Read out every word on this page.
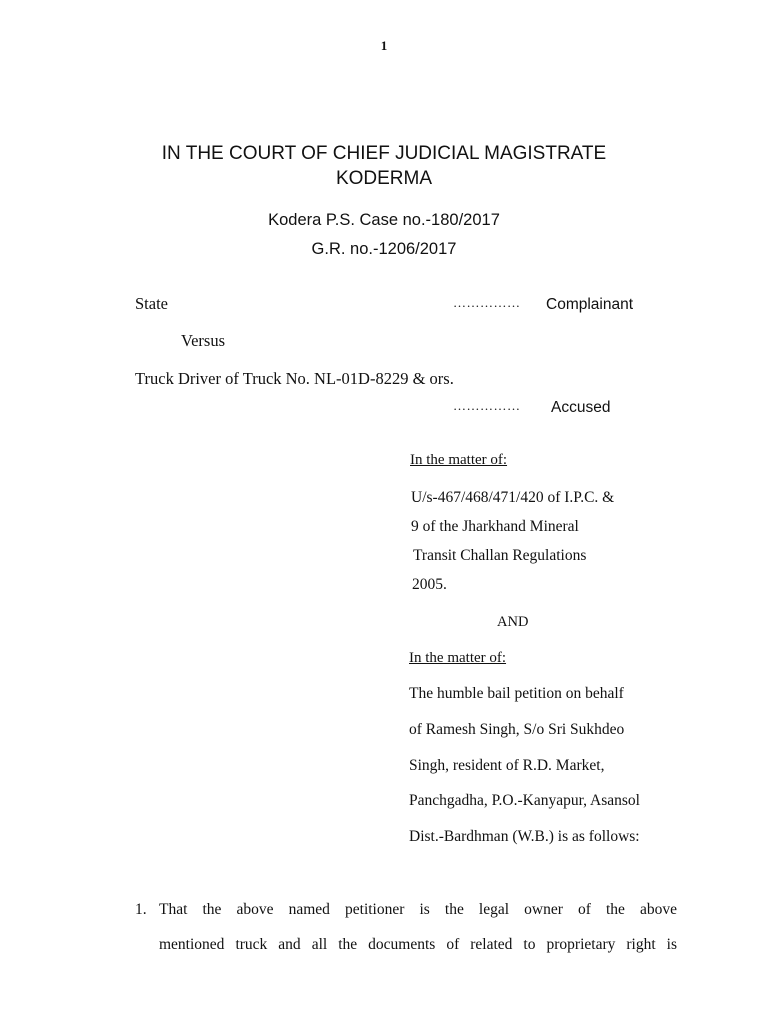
1
IN THE COURT OF CHIEF JUDICIAL MAGISTRATE
KODERMA
Kodera P.S. Case no.-180/2017
G.R. no.-1206/2017
State	…………… Complainant
Versus
Truck Driver of Truck No. NL-01D-8229 & ors.
…………… Accused
In the matter of:
U/s-467/468/471/420 of I.P.C. &
9 of the Jharkhand Mineral
Transit Challan Regulations
2005.
AND
In the matter of:
The humble bail petition on behalf
of Ramesh Singh, S/o Sri Sukhdeo
Singh, resident of R.D. Market,
Panchgadha, P.O.-Kanyapur, Asansol
Dist.-Bardhman (W.B.) is as follows:
1. That the above named petitioner is the legal owner of the above
mentioned truck and all the documents of related to proprietary right is
